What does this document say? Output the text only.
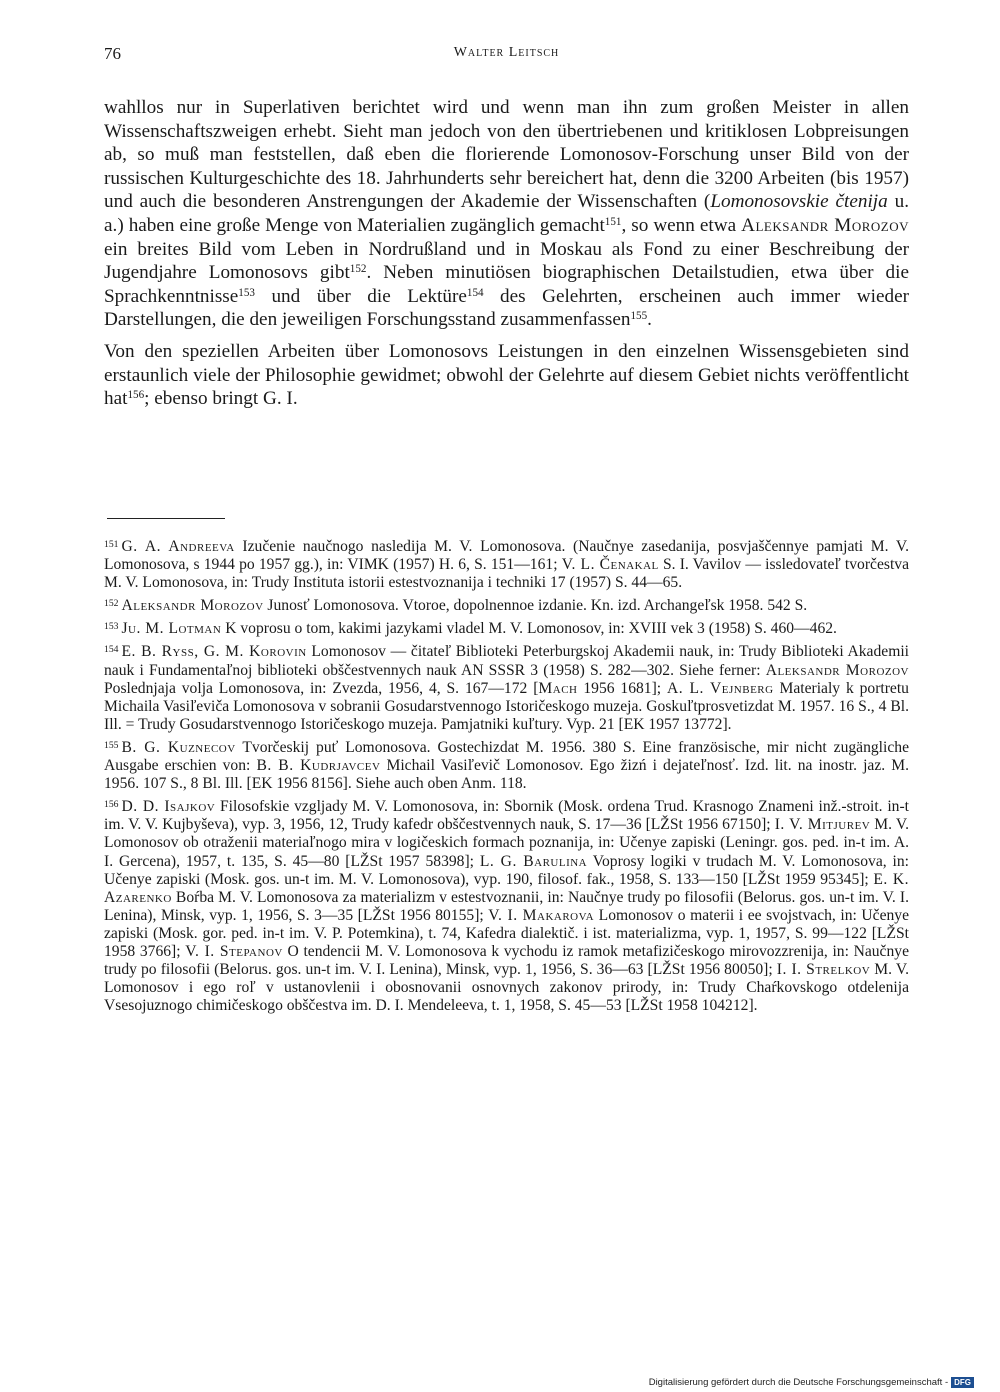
76	Walter Leitsch

wahllos nur in Superlativen berichtet wird und wenn man ihn zum großen Meister in allen Wissenschaftszweigen erhebt. Sieht man jedoch von den übertriebenen und kritiklosen Lobpreisungen ab, so muß man feststellen, daß eben die florierende Lomonosov-Forschung unser Bild von der russischen Kulturgeschichte des 18. Jahrhunderts sehr bereichert hat, denn die 3200 Arbeiten (bis 1957) und auch die besonderen Anstrengungen der Akademie der Wissenschaften (Lomonosovskie čtenija u. a.) haben eine große Menge von Materialien zugänglich gemacht$^{151}$, so wenn etwa Aleksandr Morozov ein breites Bild vom Leben in Nordrußland und in Moskau als Fond zu einer Beschreibung der Jugendjahre Lomonosovs gibt$^{152}$. Neben minutiösen biographischen Detailstudien, etwa über die Sprachkenntnisse$^{153}$ und über die Lektüre$^{154}$ des Gelehrten, erscheinen auch immer wieder Darstellungen, die den jeweiligen Forschungsstand zusammenfassen$^{155}$.

Von den speziellen Arbeiten über Lomonosovs Leistungen in den einzelnen Wissensgebieten sind erstaunlich viele der Philosophie gewidmet; obwohl der Gelehrte auf diesem Gebiet nichts veröffentlicht hat$^{156}$; ebenso bringt G. I.

$^{151}$ G. A. Andreeva Izučenie naučnogo nasledija M. V. Lomonosova. (Naučnye zasedanija, posvjaščennye pamjati M. V. Lomonosova, s 1944 po 1957 gg.), in: VIMK (1957) H. 6, S. 151—161; V. L. Čenakal S. I. Vavilov — issledovateľ tvorčestva M. V. Lomonosova, in: Trudy Instituta istorii estestvoznanija i techniki 17 (1957) S. 44—65.

$^{152}$ Aleksandr Morozov Junosť Lomonosova. Vtoroe, dopolnennoe izdanie. Kn. izd. Archangeľsk 1958. 542 S.

$^{153}$ Ju. M. Lotman K voprosu o tom, kakimi jazykami vladel M. V. Lomonosov, in: XVIII vek 3 (1958) S. 460—462.

$^{154}$ E. B. Ryss, G. M. Korovin Lomonosov — čitateľ Biblioteki Peterburgskoj Akademii nauk, in: Trudy Biblioteki Akademii nauk i Fundamentaľnoj biblioteki obščestvennych nauk AN SSSR 3 (1958) S. 282—302. Siehe ferner: Aleksandr Morozov Poslednjaja volja Lomonosova, in: Zvezda, 1956, 4, S. 167—172 [Mach 1956 1681]; A. L. Vejnberg Materialy k portretu Michaila Vasiľeviča Lomonosova v sobranii Gosudarstvennogo Istoričeskogo muzeja. Goskuľtprosvetizdat M. 1957. 16 S., 4 Bl. Ill. = Trudy Gosudarstvennogo Istoričeskogo muzeja. Pamjatniki kuľtury. Vyp. 21 [EK 1957 13772].

$^{155}$ B. G. Kuznecov Tvorčeskij puť Lomonosova. Gostechizdat M. 1956. 380 S. Eine französische, mir nicht zugängliche Ausgabe erschien von: B. B. Kudrjavcev Michail Vasiľevič Lomonosov. Ego žizń i dejateľnosť. Izd. lit. na inostr. jaz. M. 1956. 107 S., 8 Bl. Ill. [EK 1956 8156]. Siehe auch oben Anm. 118.

$^{156}$ D. D. Isajkov Filosofskie vzgljady M. V. Lomonosova, in: Sbornik (Mosk. ordena Trud. Krasnogo Znameni inž.-stroit. in-t im. V. V. Kujbyševa), vyp. 3, 1956, 12, Trudy kafedr obščestvennych nauk, S. 17—36 [LŽSt 1956 67150]; I. V. Mitjurev M. V. Lomonosov ob otraženii materiaľnogo mira v logičeskich formach poznanija, in: Učenye zapiski (Leningr. gos. ped. in-t im. A. I. Gercena), 1957, t. 135, S. 45—80 [LŽSt 1957 58398]; L. G. Barulina Voprosy logiki v trudach M. V. Lomonosova, in: Učenye zapiski (Mosk. gos. un-t im. M. V. Lomonosova), vyp. 190, filosof. fak., 1958, S. 133—150 [LŽSt 1959 95345]; E. K. Azarenko Boŕba M. V. Lomonosova za materializm v estestvoznanii, in: Naučnye trudy po filosofii (Belorus. gos. un-t im. V. I. Lenina), Minsk, vyp. 1, 1956, S. 3—35 [LŽSt 1956 80155]; V. I. Makarova Lomonosov o materii i ee svojstvach, in: Učenye zapiski (Mosk. gor. ped. in-t im. V. P. Potemkina), t. 74, Kafedra dialektič. i ist. materializma, vyp. 1, 1957, S. 99—122 [LŽSt 1958 3766]; V. I. Stepanov O tendencii M. V. Lomonosova k vychodu iz ramok metafizičeskogo mirovozzrenija, in: Naučnye trudy po filosofii (Belorus. gos. un-t im. V. I. Lenina), Minsk, vyp. 1, 1956, S. 36—63 [LŽSt 1956 80050]; I. I. Strelkov M. V. Lomonosov i ego roľ v ustanovlenii i obosnovanii osnovnych zakonov prirody, in: Trudy Chaŕkovskogo otdelenija Vsesojuznogo chimičeskogo obščestva im. D. I. Mendeleeva, t. 1, 1958, S. 45—53 [LŽSt 1958 104212].

Digitalisierung gefördert durch die Deutsche Forschungsgemeinschaft - DFG
